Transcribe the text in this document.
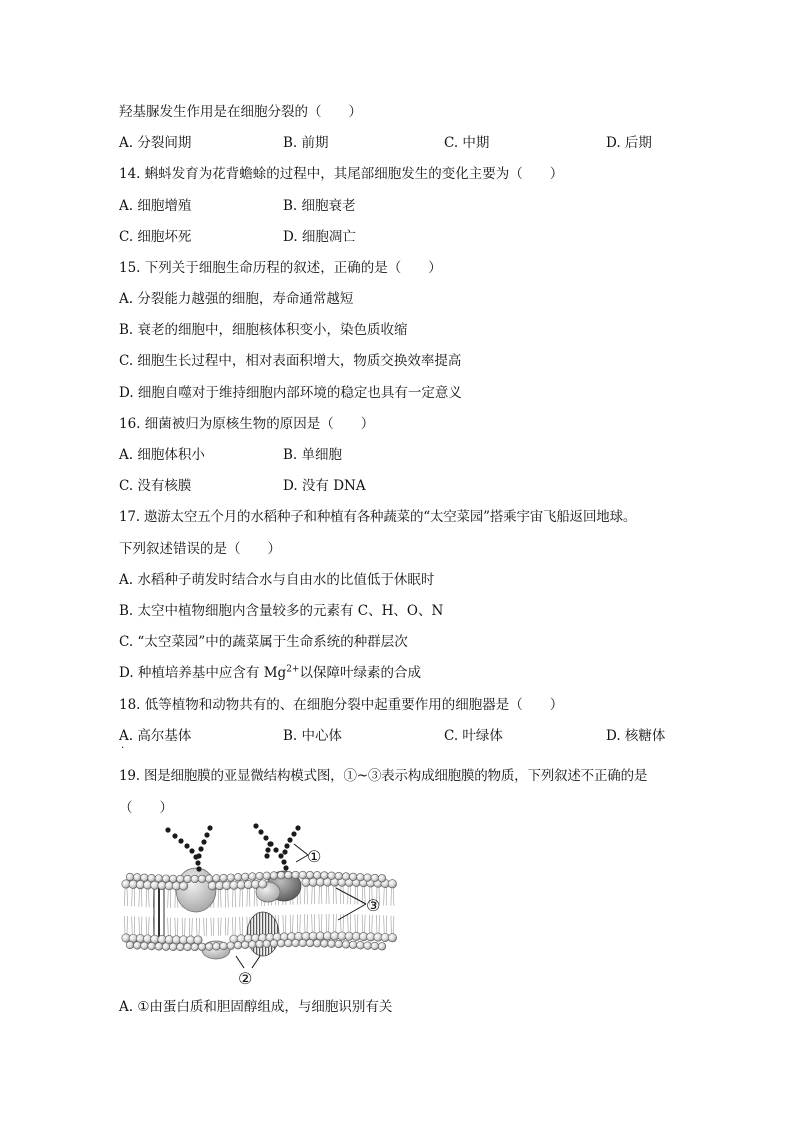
羟基脲发生作用是在细胞分裂的（　　）
A. 分裂间期	B. 前期	C. 中期	D. 后期
14. 蝌蚪发育为花背蟾蜍的过程中，其尾部细胞发生的变化主要为（　　）
A. 细胞增殖	B. 细胞衰老
C. 细胞坏死	D. 细胞凋亡
15. 下列关于细胞生命历程的叙述，正确的是（　　）
A. 分裂能力越强的细胞，寿命通常越短
B. 衰老的细胞中，细胞核体积变小，染色质收缩
C. 细胞生长过程中，相对表面积增大，物质交换效率提高
D. 细胞自噬对于维持细胞内部环境的稳定也具有一定意义
16. 细菌被归为原核生物的原因是（　　）
A. 细胞体积小	B. 单细胞
C. 没有核膜	D. 没有 DNA
17. 遨游太空五个月的水稻种子和种植有各种蔬菜的“太空菜园”搭乘宇宙飞船返回地球。
下列叙述错误的是（　　）
A. 水稻种子萌发时结合水与自由水的比值低于休眠时
B. 太空中植物细胞内含量较多的元素有 C、H、O、N
C. “太空菜园”中的蔬菜属于生命系统的种群层次
D. 种植培养基中应含有 $Mg^{2+}$以保障叶绿素的合成
18. 低等植物和动物共有的、在细胞分裂中起重要作用的细胞器是（　　）
A. 高尔基体	B. 中心体	C. 叶绿体	D. 核糖体
·
19. 图是细胞膜的亚显微结构模式图，①~③表示构成细胞膜的物质，下列叙述不正确的是
（　　）
①
③
②
A. ①由蛋白质和胆固醇组成，与细胞识别有关
